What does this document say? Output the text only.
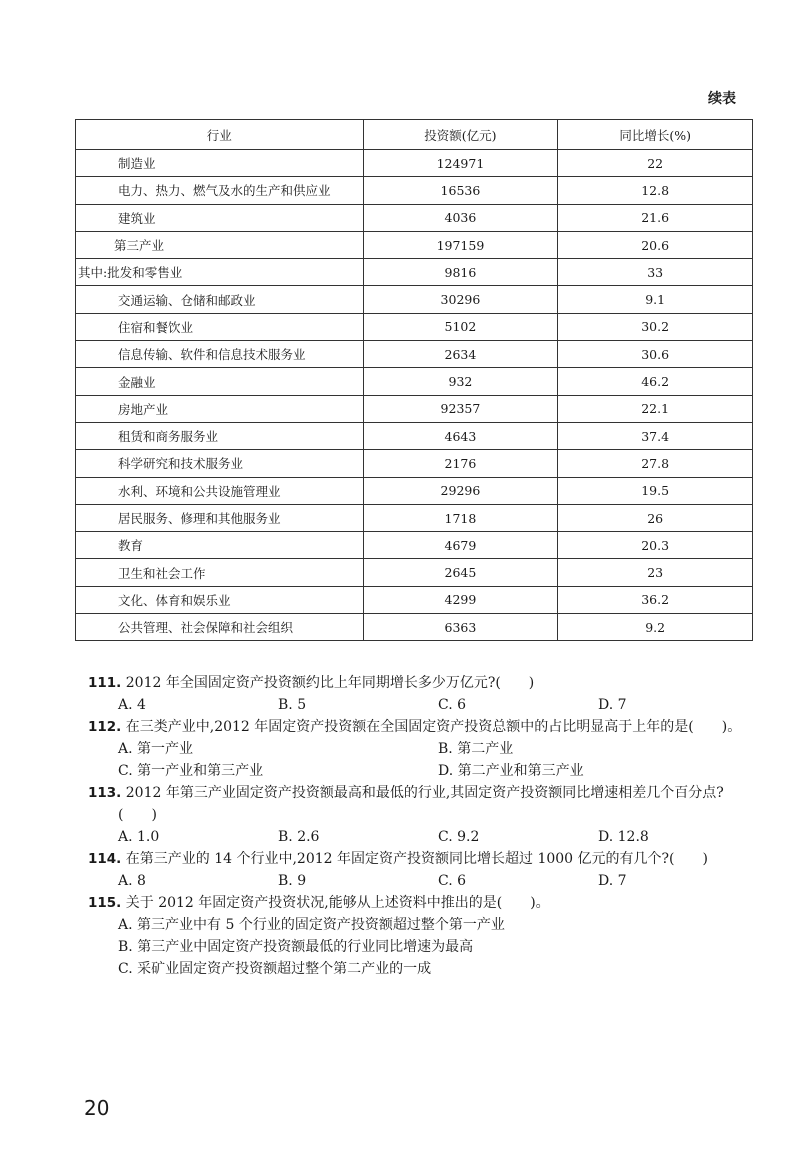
续表
行业	投资额(亿元)	同比增长(%)
制造业	124971	22
电力、热力、燃气及水的生产和供应业	16536	12.8
建筑业	4036	21.6
第三产业	197159	20.6
其中:批发和零售业	9816	33
交通运输、仓储和邮政业	30296	9.1
住宿和餐饮业	5102	30.2
信息传输、软件和信息技术服务业	2634	30.6
金融业	932	46.2
房地产业	92357	22.1
租赁和商务服务业	4643	37.4
科学研究和技术服务业	2176	27.8
水利、环境和公共设施管理业	29296	19.5
居民服务、修理和其他服务业	1718	26
教育	4679	20.3
卫生和社会工作	2645	23
文化、体育和娱乐业	4299	36.2
公共管理、社会保障和社会组织	6363	9.2
111. 2012 年全国固定资产投资额约比上年同期增长多少万亿元?(　　)
A. 4	B. 5	C. 6	D. 7
112. 在三类产业中,2012 年固定资产投资额在全国固定资产投资总额中的占比明显高于上年的是(　　)。
A. 第一产业	B. 第二产业
C. 第一产业和第三产业	D. 第二产业和第三产业
113. 2012 年第三产业固定资产投资额最高和最低的行业,其固定资产投资额同比增速相差几个百分点?(　　)
A. 1.0	B. 2.6	C. 9.2	D. 12.8
114. 在第三产业的 14 个行业中,2012 年固定资产投资额同比增长超过 1000 亿元的有几个?(　　)
A. 8	B. 9	C. 6	D. 7
115. 关于 2012 年固定资产投资状况,能够从上述资料中推出的是(　　)。
A. 第三产业中有 5 个行业的固定资产投资额超过整个第一产业
B. 第三产业中固定资产投资额最低的行业同比增速为最高
C. 采矿业固定资产投资额超过整个第二产业的一成
20
